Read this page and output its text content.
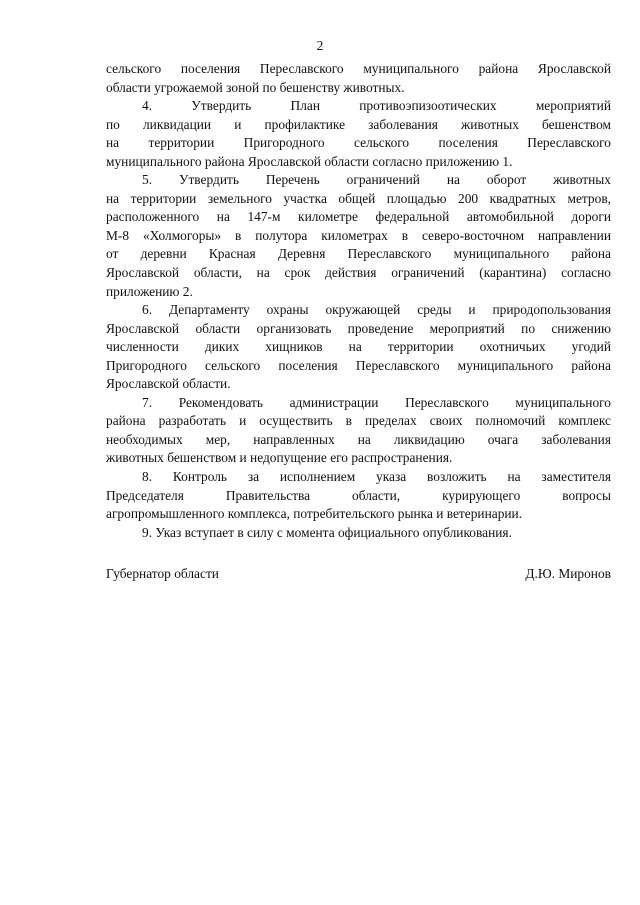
2
сельского поселения Переславского муниципального района Ярославской
области угрожаемой зоной по бешенству животных.
4. Утвердить План противоэпизоотических мероприятий
по ликвидации и профилактике заболевания животных бешенством
на территории Пригородного сельского поселения Переславского
муниципального района Ярославской области согласно приложению 1.
5. Утвердить Перечень ограничений на оборот животных
на территории земельного участка общей площадью 200 квадратных метров,
расположенного на 147-м километре федеральной автомобильной дороги
М-8 «Холмогоры» в полутора километрах в северо-восточном направлении
от деревни Красная Деревня Переславского муниципального района
Ярославской области, на срок действия ограничений (карантина) согласно
приложению 2.
6. Департаменту охраны окружающей среды и природопользования
Ярославской области организовать проведение мероприятий по снижению
численности диких хищников на территории охотничьих угодий
Пригородного сельского поселения Переславского муниципального района
Ярославской области.
7. Рекомендовать администрации Переславского муниципального
района разработать и осуществить в пределах своих полномочий комплекс
необходимых мер, направленных на ликвидацию очага заболевания
животных бешенством и недопущение его распространения.
8. Контроль за исполнением указа возложить на заместителя
Председателя Правительства области, курирующего вопросы
агропромышленного комплекса, потребительского рынка и ветеринарии.
9. Указ вступает в силу с момента официального опубликования.
Губернатор области	Д.Ю. Миронов
